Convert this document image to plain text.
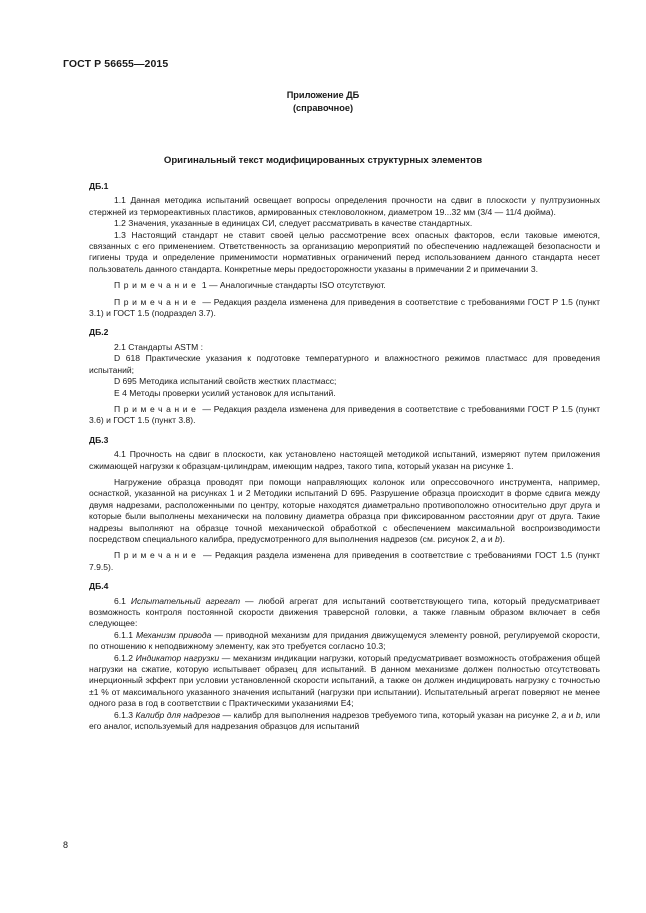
ГОСТ Р 56655—2015
Приложение ДБ
(справочное)
Оригинальный текст модифицированных структурных элементов
ДБ.1

1.1 Данная методика испытаний освещает вопросы определения прочности на сдвиг в плоскости у пултрузионных стержней из термореактивных пластиков, армированных стекловолокном, диаметром 19...32 мм (3/4 — 11/4 дюйма).

1.2 Значения, указанные в единицах СИ, следует рассматривать в качестве стандартных.

1.3 Настоящий стандарт не ставит своей целью рассмотрение всех опасных факторов, если таковые имеются, связанных с его применением. Ответственность за организацию мероприятий по обеспечению надлежащей безопасности и гигиены труда и определение применимости нормативных ограничений перед использованием данного стандарта несет пользователь данного стандарта. Конкретные меры предосторожности указаны в примечании 2 и примечании 3.

Примечание 1 — Аналогичные стандарты ISO отсутствуют.

Примечание — Редакция раздела изменена для приведения в соответствие с требованиями ГОСТ Р 1.5 (пункт 3.1) и ГОСТ 1.5 (подраздел 3.7).

ДБ.2

2.1 Стандарты ASTM :

D 618 Практические указания к подготовке температурного и влажностного режимов пластмасс для проведения испытаний;

D 695 Методика испытаний свойств жестких пластмасс;

E 4 Методы проверки усилий установок для испытаний.

Примечание — Редакция раздела изменена для приведения в соответствие с требованиями ГОСТ Р 1.5 (пункт 3.6) и ГОСТ 1.5 (пункт 3.8).

ДБ.3

4.1 Прочность на сдвиг в плоскости, как установлено настоящей методикой испытаний, измеряют путем приложения сжимающей нагрузки к образцам-цилиндрам, имеющим надрез, такого типа, который указан на рисунке 1.

Нагружение образца проводят при помощи направляющих колонок или опрессовочного инструмента, например, оснасткой, указанной на рисунках 1 и 2 Методики испытаний D 695. Разрушение образца происходит в форме сдвига между двумя надрезами, расположенными по центру, которые находятся диаметрально противоположно относительно друг друга и которые были выполнены механически на половину диаметра образца при фиксированном расстоянии друг от друга. Такие надрезы выполняют на образце точной механической обработкой с обеспечением максимальной воспроизводимости посредством специального калибра, предусмотренного для выполнения надрезов (см. рисунок 2, а и b).

Примечание — Редакция раздела изменена для приведения в соответствие с требованиями ГОСТ 1.5 (пункт 7.9.5).

ДБ.4

6.1 Испытательный агрегат — любой агрегат для испытаний соответствующего типа, который предусматривает возможность контроля постоянной скорости движения траверсной головки, а также главным образом включает в себя следующее:

6.1.1 Механизм привода — приводной механизм для придания движущемуся элементу ровной, регулируемой скорости, по отношению к неподвижному элементу, как это требуется согласно 10.3;

6.1.2 Индикатор нагрузки — механизм индикации нагрузки, который предусматривает возможность отображения общей нагрузки на сжатие, которую испытывает образец для испытаний. В данном механизме должен полностью отсутствовать инерционный эффект при условии установленной скорости испытаний, а также он должен индицировать нагрузку с точностью ±1 % от максимального указанного значения испытаний (нагрузки при испытании). Испытательный агрегат поверяют не менее одного раза в год в соответствии с Практическими указаниями E4;

6.1.3 Калибр для надрезов — калибр для выполнения надрезов требуемого типа, который указан на рисунке 2, а и b, или его аналог, используемый для надрезания образцов для испытаний

8
